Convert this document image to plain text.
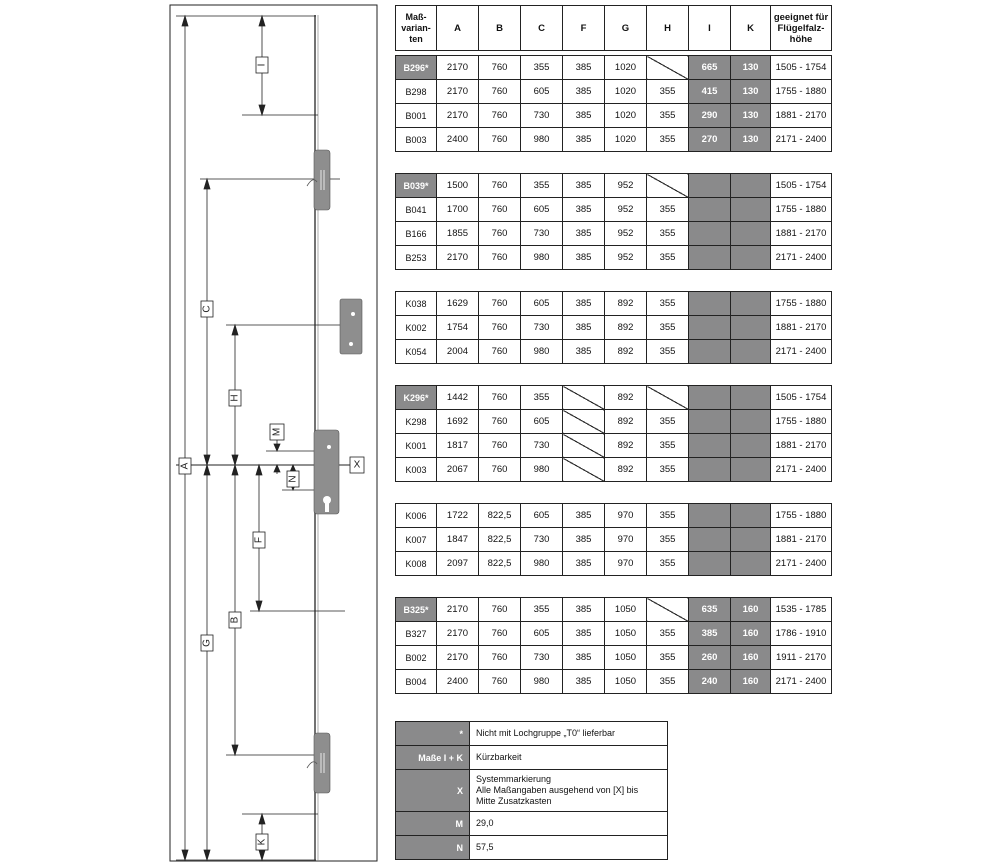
I
C
H
M
N
X
A
F
G
B
K
Maß-varian-ten	A	B	C	F	G	H	I	K	geeignet für Flügelfalz-höhe
B296*	2170	760	355	385	1020		665	130	1505 - 1754
B298	2170	760	605	385	1020	355	415	130	1755 - 1880
B001	2170	760	730	385	1020	355	290	130	1881 - 2170
B003	2400	760	980	385	1020	355	270	130	2171 - 2400
B039*	1500	760	355	385	952				1505 - 1754
B041	1700	760	605	385	952	355			1755 - 1880
B166	1855	760	730	385	952	355			1881 - 2170
B253	2170	760	980	385	952	355			2171 - 2400
K038	1629	760	605	385	892	355			1755 - 1880
K002	1754	760	730	385	892	355			1881 - 2170
K054	2004	760	980	385	892	355			2171 - 2400
K296*	1442	760	355		892				1505 - 1754
K298	1692	760	605		892	355			1755 - 1880
K001	1817	760	730		892	355			1881 - 2170
K003	2067	760	980		892	355			2171 - 2400
K006	1722	822,5	605	385	970	355			1755 - 1880
K007	1847	822,5	730	385	970	355			1881 - 2170
K008	2097	822,5	980	385	970	355			2171 - 2400
B325*	2170	760	355	385	1050		635	160	1535 - 1785
B327	2170	760	605	385	1050	355	385	160	1786 - 1910
B002	2170	760	730	385	1050	355	260	160	1911 - 2170
B004	2400	760	980	385	1050	355	240	160	2171 - 2400
*	Nicht mit Lochgruppe „T0“ lieferbar

Maße I + K	Kürzbarkeit

X	Systemmarkierung
Alle Maßangaben ausgehend von [X] bis
Mitte Zusatzkasten

M	29,0

N	57,5
